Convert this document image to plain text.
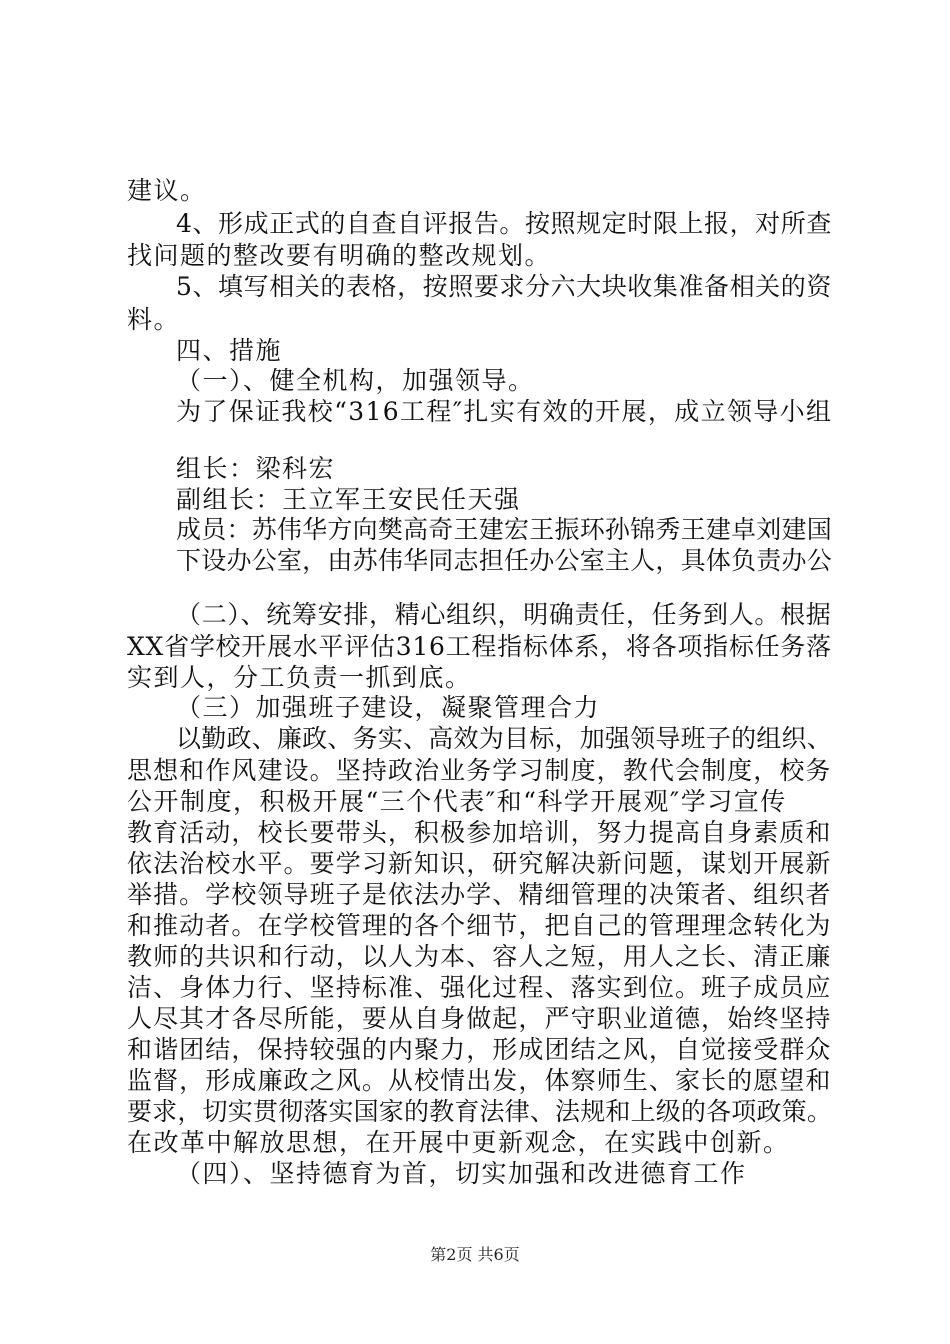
建议。
4、形成正式的自查自评报告。按照规定时限上报，对所查
找问题的整改要有明确的整改规划。
5、填写相关的表格，按照要求分六大块收集准备相关的资
料。
四、措施
（一）、健全机构，加强领导。
为了保证我校“316工程″扎实有效的开展，成立领导小组
组长：梁科宏
副组长：王立军王安民任天强
成员：苏伟华方向樊高奇王建宏王振环孙锦秀王建卓刘建国
下设办公室，由苏伟华同志担任办公室主人，具体负责办公
（二）、统筹安排，精心组织，明确责任，任务到人。根据
XX省学校开展水平评估316工程指标体系，将各项指标任务落
实到人，分工负责一抓到底。
（三）加强班子建设，凝聚管理合力
以勤政、廉政、务实、高效为目标，加强领导班子的组织、
思想和作风建设。坚持政治业务学习制度，教代会制度，校务
公开制度，积极开展“三个代表″和“科学开展观″学习宣传
教育活动，校长要带头，积极参加培训，努力提高自身素质和
依法治校水平。要学习新知识，研究解决新问题，谋划开展新
举措。学校领导班子是依法办学、精细管理的决策者、组织者
和推动者。在学校管理的各个细节，把自己的管理理念转化为
教师的共识和行动，以人为本、容人之短，用人之长、清正廉
洁、身体力行、坚持标准、强化过程、落实到位。班子成员应
人尽其才各尽所能，要从自身做起，严守职业道德，始终坚持
和谐团结，保持较强的内聚力，形成团结之风，自觉接受群众
监督，形成廉政之风。从校情出发，体察师生、家长的愿望和
要求，切实贯彻落实国家的教育法律、法规和上级的各项政策。
在改革中解放思想，在开展中更新观念，在实践中创新。
（四）、坚持德育为首，切实加强和改进德育工作
第2页 共6页
